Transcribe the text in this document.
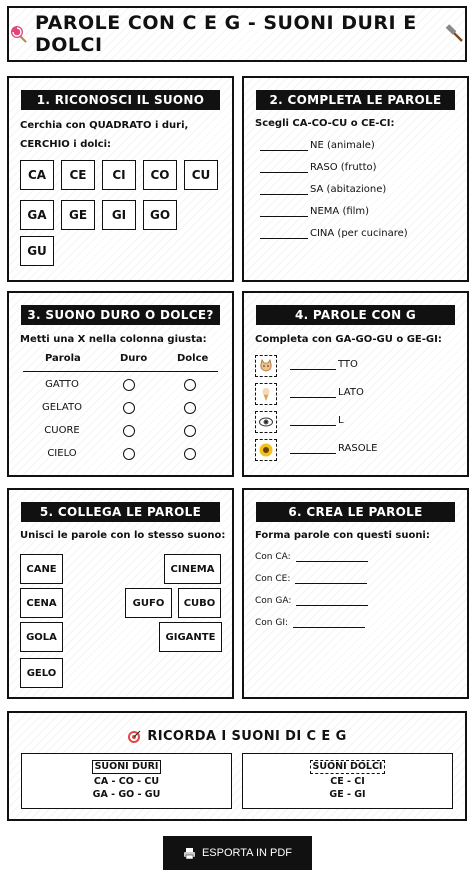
PAROLE CON C E G - SUONI DURI E DOLCI
1. RICONOSCI IL SUONO
Cerchia con QUADRATO i duri, CERCHIO i dolci:
CA	CE	CI	CO	CU
GA	GE	GI	GO
GU
2. COMPLETA LE PAROLE
Scegli CA-CO-CU o CE-CI:
NE (animale)
RASO (frutto)
SA (abitazione)
NEMA (film)
CINA (per cucinare)
3. SUONO DURO O DOLCE?
Metti una X nella colonna giusta:
Parola	Duro	Dolce
GATTO
GELATO
CUORE
CIELO
4. PAROLE CON G
Completa con GA-GO-GU o GE-GI:
TTO
LATO
L
RASOLE
5. COLLEGA LE PAROLE
Unisci le parole con lo stesso suono:
CANE
CENA
GOLA
GELO
CINEMA
GUFO	CUBO
GIGANTE
6. CREA LE PAROLE
Forma parole con questi suoni:
Con CA:
Con CE:
Con GA:
Con GI:
RICORDA I SUONI DI C E G
SUONI DURI
CA - CO - CU
GA - GO - GU
SUONI DOLCI
CE - CI
GE - GI
ESPORTA IN PDF
